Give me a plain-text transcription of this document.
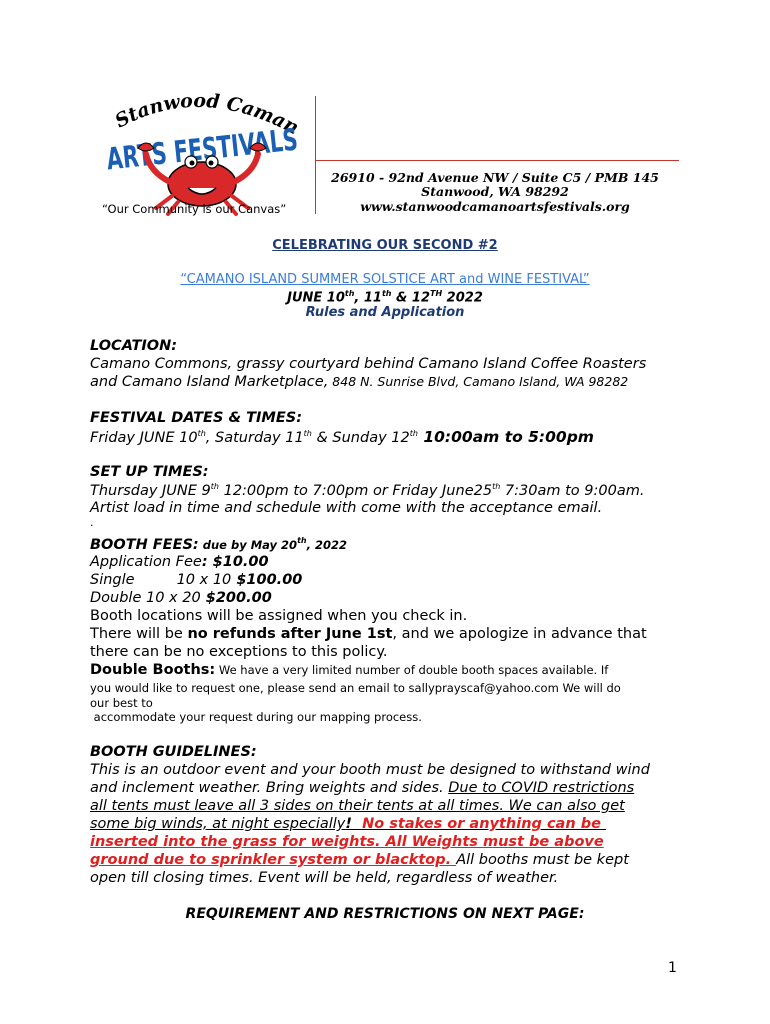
Stanwood Caman
ARTS FESTIVALS
“Our Community is our Canvas”
26910 - 92nd Avenue NW / Suite C5 / PMB 145
Stanwood, WA 98292
www.stanwoodcamanoartsfestivals.org
CELEBRATING OUR SECOND #2
“CAMANO ISLAND SUMMER SOLSTICE ART and WINE FESTIVAL”
JUNE 10th, 11th & 12TH 2022
Rules and Application
LOCATION:
Camano Commons, grassy courtyard behind Camano Island Coffee Roasters
and Camano Island Marketplace, 848 N. Sunrise Blvd, Camano Island, WA 98282
FESTIVAL DATES & TIMES:
Friday JUNE 10th, Saturday 11th & Sunday 12th 10:00am to 5:00pm
SET UP TIMES:
Thursday JUNE 9th 12:00pm to 7:00pm or Friday June25th 7:30am to 9:00am.
Artist load in time and schedule with come with the acceptance email.
.
BOOTH FEES: due by May 20th, 2022
Application Fee: $10.00
Single	10 x 10 $100.00
Double 10 x 20 $200.00
Booth locations will be assigned when you check in.
There will be no refunds after June 1st, and we apologize in advance that
there can be no exceptions to this policy.
Double Booths: We have a very limited number of double booth spaces available. If
you would like to request one, please send an email to sallyprayscaf@yahoo.com We will do
our best to
accommodate your request during our mapping process.
BOOTH GUIDELINES:
This is an outdoor event and your booth must be designed to withstand wind
and inclement weather. Bring weights and sides. Due to COVID restrictions
all tents must leave all 3 sides on their tents at all times. We can also get
some big winds, at night especially!  No stakes or anything can be
inserted into the grass for weights. All Weights must be above
ground due to sprinkler system or blacktop. All booths must be kept
open till closing times. Event will be held, regardless of weather.
REQUIREMENT AND RESTRICTIONS ON NEXT PAGE:
1
